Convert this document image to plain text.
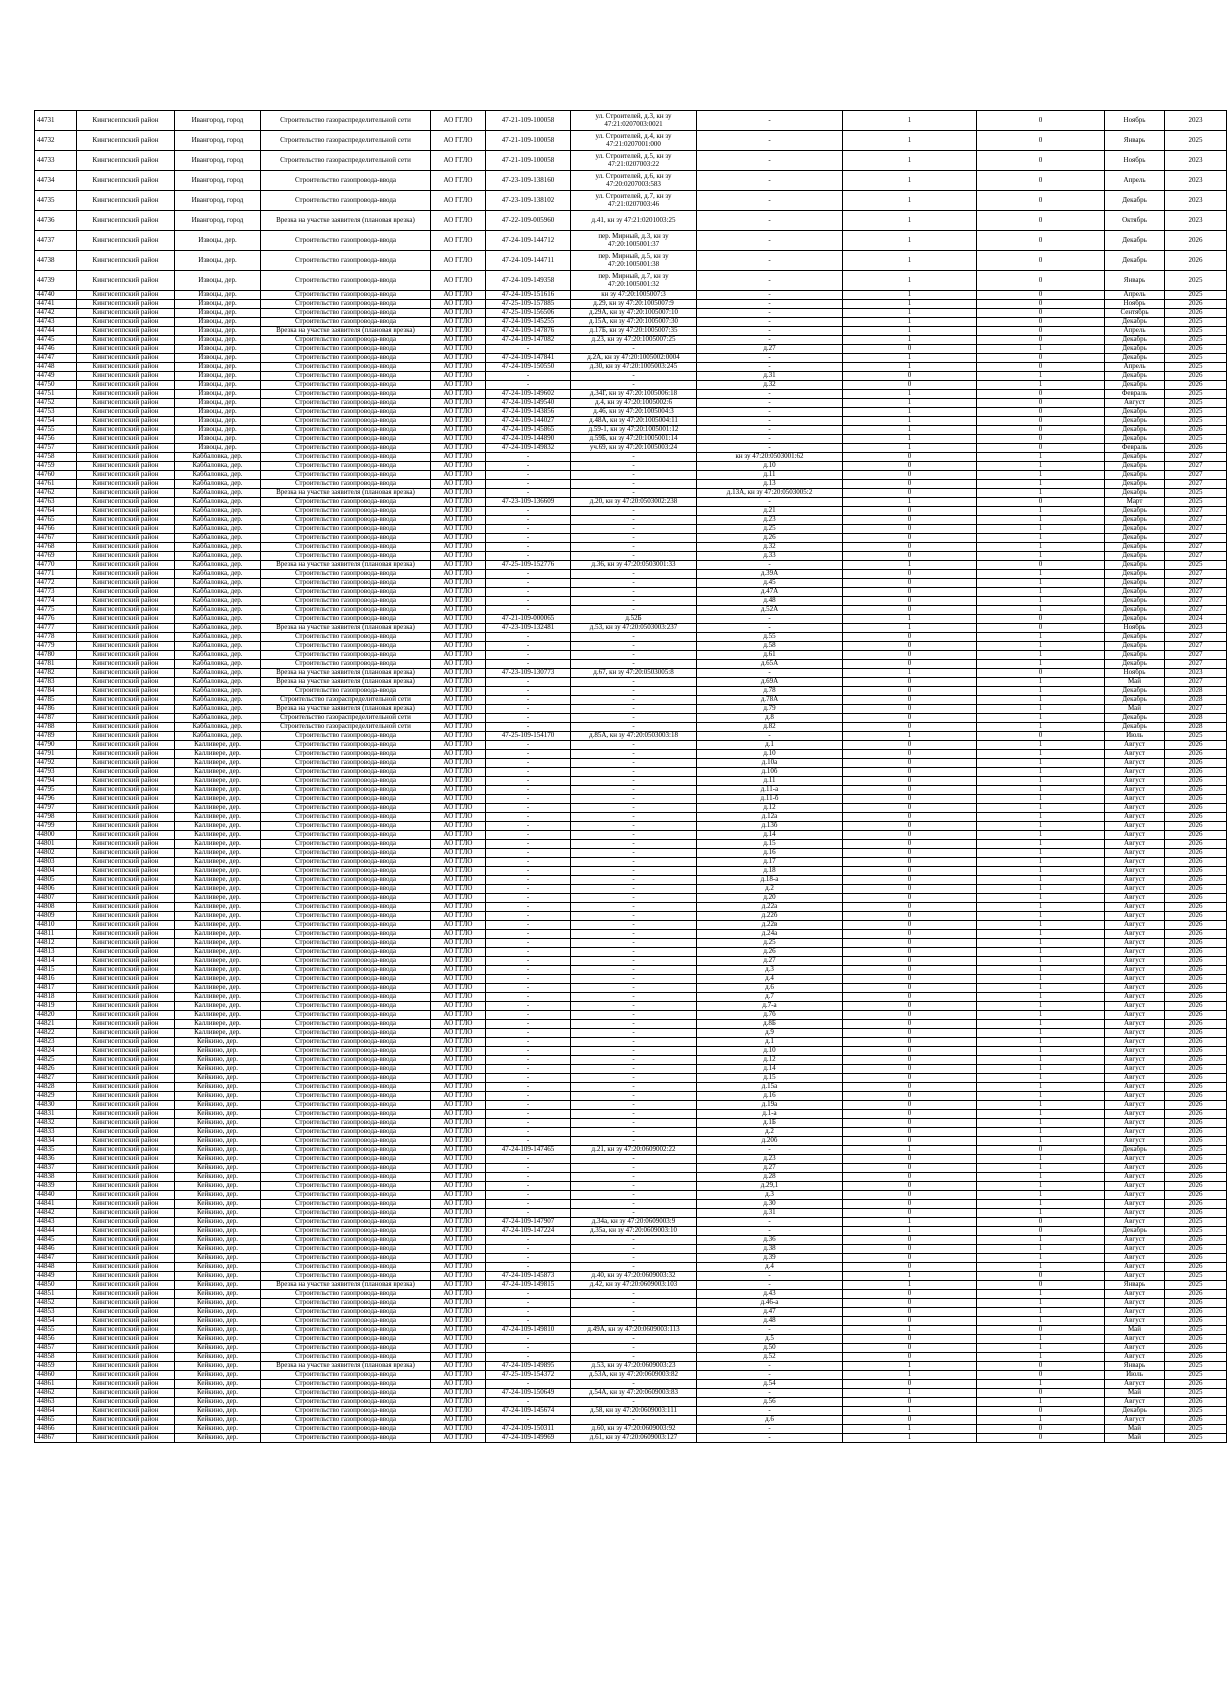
44731	Кингисеппский район	Ивангород, город	Строительство газораспределительной сети	АО ГГЛО	47-21-109-100058	ул. Строителей, д.3, кн зу 47:21:0207003:0021	-	1	0	Ноябрь	2023
44732	Кингисеппский район	Ивангород, город	Строительство газораспределительной сети	АО ГГЛО	47-21-109-100058	ул. Строителей, д.4, кн зу 47:21:0207001:000	-	1	0	Январь	2025
44733	Кингисеппский район	Ивангород, город	Строительство газораспределительной сети	АО ГГЛО	47-21-109-100058	ул. Строителей, д.5, кн зу 47:21:0207003:22	-	1	0	Ноябрь	2023
44734	Кингисеппский район	Ивангород, город	Строительство газопровода-ввода	АО ГГЛО	47-23-109-138160	ул. Строителей, д.6, кн зу 47:20:0207003:583	-	1	0	Апрель	2023
44735	Кингисеппский район	Ивангород, город	Строительство газопровода-ввода	АО ГГЛО	47-23-109-138102	ул. Строителей, д.7, кн зу 47:21:0207003:46	-	1	0	Декабрь	2023
44736	Кингисеппский район	Ивангород, город	Врезка на участке заявителя (плановая врезка)	АО ГГЛО	47-22-109-005960	д.41, кн зу 47:21:0201003:25	-	1	0	Октябрь	2023
44737	Кингисеппский район	Извоцы, дер.	Строительство газопровода-ввода	АО ГГЛО	47-24-109-144712	пер. Мирный, д.3, кн зу 47:20:1005001:37	-	1	0	Декабрь	2026
44738	Кингисеппский район	Извоцы, дер.	Строительство газопровода-ввода	АО ГГЛО	47-24-109-144711	пер. Мирный, д.5, кн зу 47:20:1005001:38	-	1	0	Декабрь	2026
44739	Кингисеппский район	Извоцы, дер.	Строительство газопровода-ввода	АО ГГЛО	47-24-109-149358	пер. Мирный, д.7, кн зу 47:20:1005001:32	-	1	0	Январь	2025
44740	Кингисеппский район	Извоцы, дер.	Строительство газопровода-ввода	АО ГГЛО	47-24-109-151616	кн зу 47:20:1005007:3	-	1	0	Апрель	2025
44741	Кингисеппский район	Извоцы, дер.	Строительство газопровода-ввода	АО ГГЛО	47-25-109-157885	д.29, кн зу 47:20:1005007:9	-	1	0	Ноябрь	2026
44742	Кингисеппский район	Извоцы, дер.	Строительство газопровода-ввода	АО ГГЛО	47-25-109-156506	д.29А, кн зу 47:20:1005007:10	-	1	0	Сентябрь	2026
44743	Кингисеппский район	Извоцы, дер.	Строительство газопровода-ввода	АО ГГЛО	47-24-109-145255	д.15А, кн зу 47:20:1005007:30	-	1	0	Декабрь	2025
44744	Кингисеппский район	Извоцы, дер.	Врезка на участке заявителя (плановая врезка)	АО ГГЛО	47-24-109-147876	д.17Б, кн зу 47:20:1005007:35	-	1	0	Апрель	2025
44745	Кингисеппский район	Извоцы, дер.	Строительство газопровода-ввода	АО ГГЛО	47-24-109-147082	д.23, кн зу 47:20:1005007:25	-	1	0	Декабрь	2025
44746	Кингисеппский район	Извоцы, дер.	Строительство газопровода-ввода	АО ГГЛО	-	-	д.27	0	1	Декабрь	2026
44747	Кингисеппский район	Извоцы, дер.	Строительство газопровода-ввода	АО ГГЛО	47-24-109-147841	д.2А, кн зу 47:20:1005002:0004	-	1	0	Декабрь	2025
44748	Кингисеппский район	Извоцы, дер.	Строительство газопровода-ввода	АО ГГЛО	47-24-109-150550	д.30, кн зу 47:20:1005003:245	-	1	0	Апрель	2025
44749	Кингисеппский район	Извоцы, дер.	Строительство газопровода-ввода	АО ГГЛО	-	-	д.31	0	1	Декабрь	2026
44750	Кингисеппский район	Извоцы, дер.	Строительство газопровода-ввода	АО ГГЛО	-	-	д.32	0	1	Декабрь	2026
44751	Кингисеппский район	Извоцы, дер.	Строительство газопровода-ввода	АО ГГЛО	47-24-109-149602	д.34Г, кн зу 47:20:1005006:18	-	1	0	Февраль	2025
44752	Кингисеппский район	Извоцы, дер.	Строительство газопровода-ввода	АО ГГЛО	47-24-109-149540	д.4, кн зу 47:20:1005002:6	-	1	0	Август	2025
44753	Кингисеппский район	Извоцы, дер.	Строительство газопровода-ввода	АО ГГЛО	47-24-109-143856	д.46, кн зу 47:20:1005004:3	-	1	0	Декабрь	2025
44754	Кингисеппский район	Извоцы, дер.	Строительство газопровода-ввода	АО ГГЛО	47-24-109-144027	д.48А, кн зу 47:20:1005004:11	-	1	0	Декабрь	2025
44755	Кингисеппский район	Извоцы, дер.	Строительство газопровода-ввода	АО ГГЛО	47-24-109-145865	д.59-1, кн зу 47:20:1005001:12	-	1	0	Декабрь	2026
44756	Кингисеппский район	Извоцы, дер.	Строительство газопровода-ввода	АО ГГЛО	47-24-109-144890	д.59Б, кн зу 47:20:1005001:14	-	1	0	Декабрь	2025
44757	Кингисеппский район	Извоцы, дер.	Строительство газопровода-ввода	АО ГГЛО	47-24-109-149832	уч.69, кн зу 47:20:1005003:24	-	1	0	Февраль	2026
44758	Кингисеппский район	Каббаловка, дер.	Строительство газопровода-ввода	АО ГГЛО	-	-	кн зу 47:20:0503001:62	0	1	Декабрь	2027
44759	Кингисеппский район	Каббаловка, дер.	Строительство газопровода-ввода	АО ГГЛО	-	-	д.10	0	1	Декабрь	2027
44760	Кингисеппский район	Каббаловка, дер.	Строительство газопровода-ввода	АО ГГЛО	-	-	д.11	0	1	Декабрь	2027
44761	Кингисеппский район	Каббаловка, дер.	Строительство газопровода-ввода	АО ГГЛО	-	-	д.13	0	1	Декабрь	2027
44762	Кингисеппский район	Каббаловка, дер.	Врезка на участке заявителя (плановая врезка)	АО ГГЛО	-	-	д.13А, кн зу 47:20:0503005:2	0	1	Декабрь	2025
44763	Кингисеппский район	Каббаловка, дер.	Строительство газопровода-ввода	АО ГГЛО	47-23-109-136609	д.20, кн зу 47:20:0503002:238	-	1	0	Март	2025
44764	Кингисеппский район	Каббаловка, дер.	Строительство газопровода-ввода	АО ГГЛО	-	-	д.21	0	1	Декабрь	2027
44765	Кингисеппский район	Каббаловка, дер.	Строительство газопровода-ввода	АО ГГЛО	-	-	д.23	0	1	Декабрь	2027
44766	Кингисеппский район	Каббаловка, дер.	Строительство газопровода-ввода	АО ГГЛО	-	-	д.25	0	1	Декабрь	2027
44767	Кингисеппский район	Каббаловка, дер.	Строительство газопровода-ввода	АО ГГЛО	-	-	д.26	0	1	Декабрь	2027
44768	Кингисеппский район	Каббаловка, дер.	Строительство газопровода-ввода	АО ГГЛО	-	-	д.32	0	1	Декабрь	2027
44769	Кингисеппский район	Каббаловка, дер.	Строительство газопровода-ввода	АО ГГЛО	-	-	д.33	0	1	Декабрь	2027
44770	Кингисеппский район	Каббаловка, дер.	Врезка на участке заявителя (плановая врезка)	АО ГГЛО	47-25-109-152776	д.36, кн зу 47:20:0503001:33	-	1	0	Декабрь	2025
44771	Кингисеппский район	Каббаловка, дер.	Строительство газопровода-ввода	АО ГГЛО	-	-	д.39А	0	1	Декабрь	2027
44772	Кингисеппский район	Каббаловка, дер.	Строительство газопровода-ввода	АО ГГЛО	-	-	д.45	0	1	Декабрь	2027
44773	Кингисеппский район	Каббаловка, дер.	Строительство газопровода-ввода	АО ГГЛО	-	-	д.47А	0	1	Декабрь	2027
44774	Кингисеппский район	Каббаловка, дер.	Строительство газопровода-ввода	АО ГГЛО	-	-	д.48	0	1	Декабрь	2027
44775	Кингисеппский район	Каббаловка, дер.	Строительство газопровода-ввода	АО ГГЛО	-	-	д.52А	0	1	Декабрь	2027
44776	Кингисеппский район	Каббаловка, дер.	Строительство газопровода-ввода	АО ГГЛО	47-21-109-000065	д.52Б	-	1	0	Декабрь	2024
44777	Кингисеппский район	Каббаловка, дер.	Врезка на участке заявителя (плановая врезка)	АО ГГЛО	47-23-109-132481	д.53, кн зу 47:20:0503003:237	-	1	0	Ноябрь	2023
44778	Кингисеппский район	Каббаловка, дер.	Строительство газопровода-ввода	АО ГГЛО	-	-	д.55	0	1	Декабрь	2027
44779	Кингисеппский район	Каббаловка, дер.	Строительство газопровода-ввода	АО ГГЛО	-	-	д.58	0	1	Декабрь	2027
44780	Кингисеппский район	Каббаловка, дер.	Строительство газопровода-ввода	АО ГГЛО	-	-	д.61	0	1	Декабрь	2027
44781	Кингисеппский район	Каббаловка, дер.	Строительство газопровода-ввода	АО ГГЛО	-	-	д.65А	0	1	Декабрь	2027
44782	Кингисеппский район	Каббаловка, дер.	Врезка на участке заявителя (плановая врезка)	АО ГГЛО	47-23-109-130773	д.67, кн зу 47:20:0503005:8	-	1	0	Ноябрь	2023
44783	Кингисеппский район	Каббаловка, дер.	Врезка на участке заявителя (плановая врезка)	АО ГГЛО	-	-	д.69А	0	1	Май	2027
44784	Кингисеппский район	Каббаловка, дер.	Строительство газопровода-ввода	АО ГГЛО	-	-	д.78	0	1	Декабрь	2028
44785	Кингисеппский район	Каббаловка, дер.	Строительство газораспределительной сети	АО ГГЛО	-	-	д.78А	0	1	Декабрь	2028
44786	Кингисеппский район	Каббаловка, дер.	Врезка на участке заявителя (плановая врезка)	АО ГГЛО	-	-	д.79	0	1	Май	2027
44787	Кингисеппский район	Каббаловка, дер.	Строительство газораспределительной сети	АО ГГЛО	-	-	д.8	0	1	Декабрь	2028
44788	Кингисеппский район	Каббаловка, дер.	Строительство газораспределительной сети	АО ГГЛО	-	-	д.82	0	1	Декабрь	2028
44789	Кингисеппский район	Каббаловка, дер.	Строительство газопровода-ввода	АО ГГЛО	47-25-109-154170	д.85А, кн зу 47:20:0503003:18	-	1	0	Июль	2025
44790	Кингисеппский район	Калливере, дер.	Строительство газопровода-ввода	АО ГГЛО	-	-	д.1	0	1	Август	2026
44791	Кингисеппский район	Калливере, дер.	Строительство газопровода-ввода	АО ГГЛО	-	-	д.10	0	1	Август	2026
44792	Кингисеппский район	Калливере, дер.	Строительство газопровода-ввода	АО ГГЛО	-	-	д.10а	0	1	Август	2026
44793	Кингисеппский район	Калливере, дер.	Строительство газопровода-ввода	АО ГГЛО	-	-	д.10б	0	1	Август	2026
44794	Кингисеппский район	Калливере, дер.	Строительство газопровода-ввода	АО ГГЛО	-	-	д.11	0	1	Август	2026
44795	Кингисеппский район	Калливере, дер.	Строительство газопровода-ввода	АО ГГЛО	-	-	д.11-а	0	1	Август	2026
44796	Кингисеппский район	Калливере, дер.	Строительство газопровода-ввода	АО ГГЛО	-	-	д.11-б	0	1	Август	2026
44797	Кингисеппский район	Калливере, дер.	Строительство газопровода-ввода	АО ГГЛО	-	-	д.12	0	1	Август	2026
44798	Кингисеппский район	Калливере, дер.	Строительство газопровода-ввода	АО ГГЛО	-	-	д.12а	0	1	Август	2026
44799	Кингисеппский район	Калливере, дер.	Строительство газопровода-ввода	АО ГГЛО	-	-	д.13б	0	1	Август	2026
44800	Кингисеппский район	Калливере, дер.	Строительство газопровода-ввода	АО ГГЛО	-	-	д.14	0	1	Август	2026
44801	Кингисеппский район	Калливере, дер.	Строительство газопровода-ввода	АО ГГЛО	-	-	д.15	0	1	Август	2026
44802	Кингисеппский район	Калливере, дер.	Строительство газопровода-ввода	АО ГГЛО	-	-	д.16	0	1	Август	2026
44803	Кингисеппский район	Калливере, дер.	Строительство газопровода-ввода	АО ГГЛО	-	-	д.17	0	1	Август	2026
44804	Кингисеппский район	Калливере, дер.	Строительство газопровода-ввода	АО ГГЛО	-	-	д.18	0	1	Август	2026
44805	Кингисеппский район	Калливере, дер.	Строительство газопровода-ввода	АО ГГЛО	-	-	д.18-а	0	1	Август	2026
44806	Кингисеппский район	Калливере, дер.	Строительство газопровода-ввода	АО ГГЛО	-	-	д.2	0	1	Август	2026
44807	Кингисеппский район	Калливере, дер.	Строительство газопровода-ввода	АО ГГЛО	-	-	д.20	0	1	Август	2026
44808	Кингисеппский район	Калливере, дер.	Строительство газопровода-ввода	АО ГГЛО	-	-	д.22а	0	1	Август	2026
44809	Кингисеппский район	Калливере, дер.	Строительство газопровода-ввода	АО ГГЛО	-	-	д.22б	0	1	Август	2026
44810	Кингисеппский район	Калливере, дер.	Строительство газопровода-ввода	АО ГГЛО	-	-	д.22в	0	1	Август	2026
44811	Кингисеппский район	Калливере, дер.	Строительство газопровода-ввода	АО ГГЛО	-	-	д.24а	0	1	Август	2026
44812	Кингисеппский район	Калливере, дер.	Строительство газопровода-ввода	АО ГГЛО	-	-	д.25	0	1	Август	2026
44813	Кингисеппский район	Калливере, дер.	Строительство газопровода-ввода	АО ГГЛО	-	-	д.26	0	1	Август	2026
44814	Кингисеппский район	Калливере, дер.	Строительство газопровода-ввода	АО ГГЛО	-	-	д.27	0	1	Август	2026
44815	Кингисеппский район	Калливере, дер.	Строительство газопровода-ввода	АО ГГЛО	-	-	д.3	0	1	Август	2026
44816	Кингисеппский район	Калливере, дер.	Строительство газопровода-ввода	АО ГГЛО	-	-	д.4	0	1	Август	2026
44817	Кингисеппский район	Калливере, дер.	Строительство газопровода-ввода	АО ГГЛО	-	-	д.6	0	1	Август	2026
44818	Кингисеппский район	Калливере, дер.	Строительство газопровода-ввода	АО ГГЛО	-	-	д.7	0	1	Август	2026
44819	Кингисеппский район	Калливере, дер.	Строительство газопровода-ввода	АО ГГЛО	-	-	д.7-а	0	1	Август	2026
44820	Кингисеппский район	Калливере, дер.	Строительство газопровода-ввода	АО ГГЛО	-	-	д.7б	0	1	Август	2026
44821	Кингисеппский район	Калливере, дер.	Строительство газопровода-ввода	АО ГГЛО	-	-	д.8Б	0	1	Август	2026
44822	Кингисеппский район	Калливере, дер.	Строительство газопровода-ввода	АО ГГЛО	-	-	д.9	0	1	Август	2026
44823	Кингисеппский район	Кейкино, дер.	Строительство газопровода-ввода	АО ГГЛО	-	-	д.1	0	1	Август	2026
44824	Кингисеппский район	Кейкино, дер.	Строительство газопровода-ввода	АО ГГЛО	-	-	д.10	0	1	Август	2026
44825	Кингисеппский район	Кейкино, дер.	Строительство газопровода-ввода	АО ГГЛО	-	-	д.12	0	1	Август	2026
44826	Кингисеппский район	Кейкино, дер.	Строительство газопровода-ввода	АО ГГЛО	-	-	д.14	0	1	Август	2026
44827	Кингисеппский район	Кейкино, дер.	Строительство газопровода-ввода	АО ГГЛО	-	-	д.15	0	1	Август	2026
44828	Кингисеппский район	Кейкино, дер.	Строительство газопровода-ввода	АО ГГЛО	-	-	д.15а	0	1	Август	2026
44829	Кингисеппский район	Кейкино, дер.	Строительство газопровода-ввода	АО ГГЛО	-	-	д.16	0	1	Август	2026
44830	Кингисеппский район	Кейкино, дер.	Строительство газопровода-ввода	АО ГГЛО	-	-	д.19а	0	1	Август	2026
44831	Кингисеппский район	Кейкино, дер.	Строительство газопровода-ввода	АО ГГЛО	-	-	д.1-а	0	1	Август	2026
44832	Кингисеппский район	Кейкино, дер.	Строительство газопровода-ввода	АО ГГЛО	-	-	д.1Б	0	1	Август	2026
44833	Кингисеппский район	Кейкино, дер.	Строительство газопровода-ввода	АО ГГЛО	-	-	д.2	0	1	Август	2026
44834	Кингисеппский район	Кейкино, дер.	Строительство газопровода-ввода	АО ГГЛО	-	-	д.20б	0	1	Август	2026
44835	Кингисеппский район	Кейкино, дер.	Строительство газопровода-ввода	АО ГГЛО	47-24-109-147465	д.21, кн зу 47:20:0609002:22	-	1	0	Декабрь	2025
44836	Кингисеппский район	Кейкино, дер.	Строительство газопровода-ввода	АО ГГЛО	-	-	д.23	0	1	Август	2026
44837	Кингисеппский район	Кейкино, дер.	Строительство газопровода-ввода	АО ГГЛО	-	-	д.27	0	1	Август	2026
44838	Кингисеппский район	Кейкино, дер.	Строительство газопровода-ввода	АО ГГЛО	-	-	д.28	0	1	Август	2026
44839	Кингисеппский район	Кейкино, дер.	Строительство газопровода-ввода	АО ГГЛО	-	-	д.29,1	0	1	Август	2026
44840	Кингисеппский район	Кейкино, дер.	Строительство газопровода-ввода	АО ГГЛО	-	-	д.3	0	1	Август	2026
44841	Кингисеппский район	Кейкино, дер.	Строительство газопровода-ввода	АО ГГЛО	-	-	д.30	0	1	Август	2026
44842	Кингисеппский район	Кейкино, дер.	Строительство газопровода-ввода	АО ГГЛО	-	-	д.31	0	1	Август	2026
44843	Кингисеппский район	Кейкино, дер.	Строительство газопровода-ввода	АО ГГЛО	47-24-109-147907	д.34а, кн зу 47:20:0609003:9	-	1	0	Август	2025
44844	Кингисеппский район	Кейкино, дер.	Строительство газопровода-ввода	АО ГГЛО	47-24-109-147224	д.35а, кн зу 47:20:0609003:10	-	1	0	Декабрь	2025
44845	Кингисеппский район	Кейкино, дер.	Строительство газопровода-ввода	АО ГГЛО	-	-	д.36	0	1	Август	2026
44846	Кингисеппский район	Кейкино, дер.	Строительство газопровода-ввода	АО ГГЛО	-	-	д.38	0	1	Август	2026
44847	Кингисеппский район	Кейкино, дер.	Строительство газопровода-ввода	АО ГГЛО	-	-	д.39	0	1	Август	2026
44848	Кингисеппский район	Кейкино, дер.	Строительство газопровода-ввода	АО ГГЛО	-	-	д.4	0	1	Август	2026
44849	Кингисеппский район	Кейкино, дер.	Строительство газопровода-ввода	АО ГГЛО	47-24-109-145873	д.40, кн зу 47:20:0609003:32	-	1	0	Август	2025
44850	Кингисеппский район	Кейкино, дер.	Врезка на участке заявителя (плановая врезка)	АО ГГЛО	47-24-109-149815	д.42, кн зу 47:20:0609003:103	-	1	0	Январь	2025
44851	Кингисеппский район	Кейкино, дер.	Строительство газопровода-ввода	АО ГГЛО	-	-	д.43	0	1	Август	2026
44852	Кингисеппский район	Кейкино, дер.	Строительство газопровода-ввода	АО ГГЛО	-	-	д.46-а	0	1	Август	2026
44853	Кингисеппский район	Кейкино, дер.	Строительство газопровода-ввода	АО ГГЛО	-	-	д.47	0	1	Август	2026
44854	Кингисеппский район	Кейкино, дер.	Строительство газопровода-ввода	АО ГГЛО	-	-	д.48	0	1	Август	2026
44855	Кингисеппский район	Кейкино, дер.	Строительство газопровода-ввода	АО ГГЛО	47-24-109-149810	д.49А, кн зу 47:20:0609003:113	-	1	0	Май	2025
44856	Кингисеппский район	Кейкино, дер.	Строительство газопровода-ввода	АО ГГЛО	-	-	д.5	0	1	Август	2026
44857	Кингисеппский район	Кейкино, дер.	Строительство газопровода-ввода	АО ГГЛО	-	-	д.50	0	1	Август	2026
44858	Кингисеппский район	Кейкино, дер.	Строительство газопровода-ввода	АО ГГЛО	-	-	д.52	0	1	Август	2026
44859	Кингисеппский район	Кейкино, дер.	Врезка на участке заявителя (плановая врезка)	АО ГГЛО	47-24-109-149895	д.53, кн зу 47:20:0609003:23	-	1	0	Январь	2025
44860	Кингисеппский район	Кейкино, дер.	Строительство газопровода-ввода	АО ГГЛО	47-25-109-154372	д.53А, кн зу 47:20:0609003:82	-	1	0	Июль	2025
44861	Кингисеппский район	Кейкино, дер.	Строительство газопровода-ввода	АО ГГЛО	-	-	д.54	0	1	Август	2026
44862	Кингисеппский район	Кейкино, дер.	Строительство газопровода-ввода	АО ГГЛО	47-24-109-150649	д.54А, кн зу 47:20:0609003:83	-	1	0	Май	2025
44863	Кингисеппский район	Кейкино, дер.	Строительство газопровода-ввода	АО ГГЛО	-	-	д.56	0	1	Август	2026
44864	Кингисеппский район	Кейкино, дер.	Строительство газопровода-ввода	АО ГГЛО	47-24-109-145674	д.58, кн зу 47:20:0609003:111	-	1	0	Декабрь	2025
44865	Кингисеппский район	Кейкино, дер.	Строительство газопровода-ввода	АО ГГЛО	-	-	д.6	0	1	Август	2026
44866	Кингисеппский район	Кейкино, дер.	Строительство газопровода-ввода	АО ГГЛО	47-24-109-150311	д.60, кн зу 47:20:0609003:92	-	1	0	Май	2025
44867	Кингисеппский район	Кейкино, дер.	Строительство газопровода-ввода	АО ГГЛО	47-24-109-149969	д.61, кн зу 47:20:0609003:127	-	1	0	Май	2025
